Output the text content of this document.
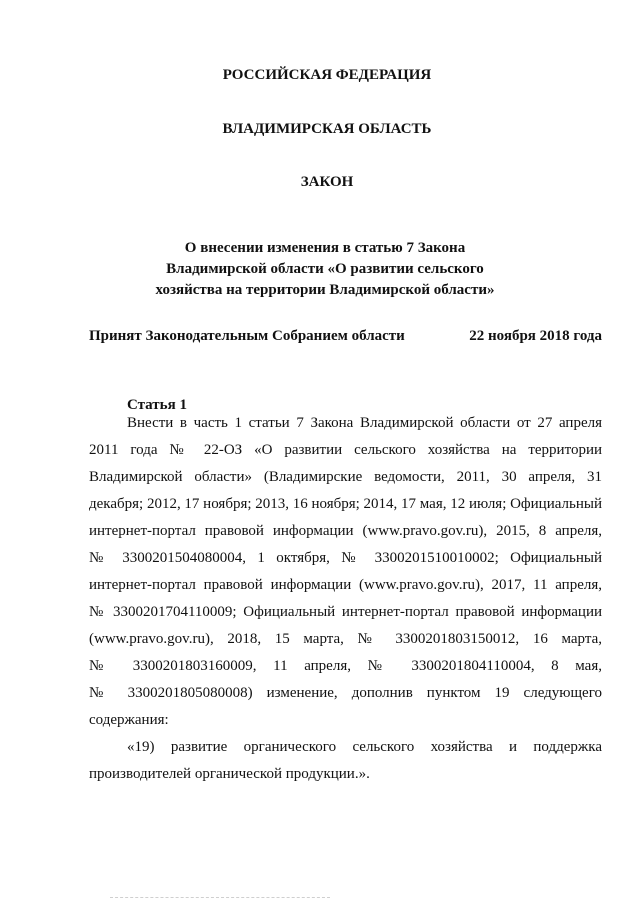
РОССИЙСКАЯ ФЕДЕРАЦИЯ

ВЛАДИМИРСКАЯ ОБЛАСТЬ

ЗАКОН

О внесении изменения в статью 7 Закона
Владимирской области «О развитии сельского
хозяйства на территории Владимирской области»
Принят Законодательным Собранием области	22 ноября 2018 года
Статья 1
Внести в часть 1 статьи 7 Закона Владимирской области от 27 апреля
2011 года № 22-ОЗ «О развитии сельского хозяйства на территории
Владимирской области» (Владимирские ведомости, 2011, 30 апреля, 31
декабря; 2012, 17 ноября; 2013, 16 ноября; 2014, 17 мая, 12 июля; Официальный
интернет-портал правовой информации (www.pravo.gov.ru), 2015, 8 апреля,
№ 3300201504080004, 1 октября, № 3300201510010002; Официальный
интернет-портал правовой информации (www.pravo.gov.ru), 2017, 11 апреля,
№ 3300201704110009; Официальный интернет-портал правовой информации
(www.pravo.gov.ru), 2018, 15 марта, № 3300201803150012, 16 марта,
№ 3300201803160009, 11 апреля, № 3300201804110004, 8 мая,
№ 3300201805080008) изменение, дополнив пунктом 19 следующего
содержания:
«19) развитие органического сельского хозяйства и поддержка
производителей органической продукции.».
